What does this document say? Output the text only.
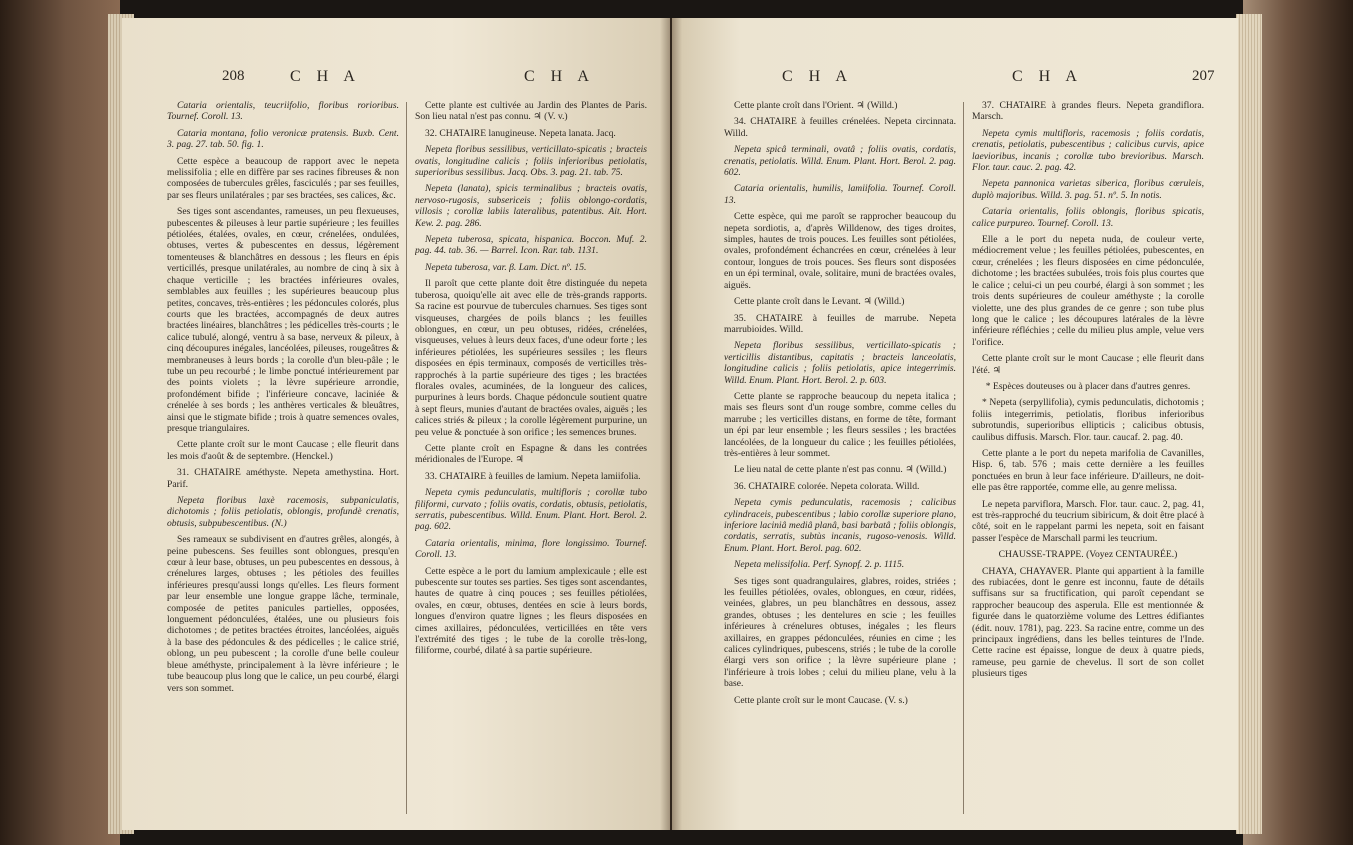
208	C H A	C H A

Cataria orientalis, teucriifolio, floribus rorioribus. Tournef. Coroll. 13.

Cataria montana, folio veronicæ pratensis. Buxb. Cent. 3. pag. 27. tab. 50. fig. 1.

Cette espèce a beaucoup de rapport avec le nepeta melissifolia ; elle en diffère par ses racines fibreuses & non composées de tubercules grêles, fasciculés ; par ses feuilles, par ses fleurs unilatérales ; par ses bractées, ses calices, &c.

Ses tiges sont ascendantes, rameuses, un peu flexueuses, pubescentes & pileuses à leur partie supérieure ; les feuilles pétiolées, étalées, ovales, en cœur, crénelées, ondulées, obtuses, vertes & pubescentes en dessus, légèrement tomenteuses & blanchâtres en dessous ; les fleurs en épis verticillés, presque unilatérales, au nombre de cinq à six à chaque verticille ; les bractées inférieures ovales, semblables aux feuilles ; les supérieures beaucoup plus petites, concaves, très-entières ; les pédoncules colorés, plus courts que les bractées, accompagnés de deux autres bractées linéaires, blanchâtres ; les pédicelles très-courts ; le calice tubulé, alongé, ventru à sa base, nerveux & pileux, à cinq découpures inégales, lancéolées, pileuses, rougeâtres & membraneuses à leurs bords ; la corolle d'un bleu-pâle ; le tube un peu recourbé ; le limbe ponctué intérieurement par des points violets ; la lèvre supérieure arrondie, profondément bifide ; l'inférieure concave, laciniée & crénelée à ses bords ; les anthères verticales & bleuâtres, ainsi que le stigmate bifide ; trois à quatre semences ovales, presque triangulaires.

Cette plante croît sur le mont Caucase ; elle fleurit dans les mois d'août & de septembre. (Henckel.)

31. CHATAIRE améthyste. Nepeta amethystina. Hort. Parif.

Nepeta floribus laxè racemosis, subpaniculatis, dichotomis ; foliis petiolatis, oblongis, profundè crenatis, obtusis, subpubescentibus. (N.)

Ses rameaux se subdivisent en d'autres grêles, alongés, à peine pubescens. Ses feuilles sont oblongues, presqu'en cœur à leur base, obtuses, un peu pubescentes en dessous, à crénelures larges, obtuses ; les pétioles des feuilles inférieures presqu'aussi longs qu'elles. Les fleurs forment par leur ensemble une longue grappe lâche, terminale, composée de petites panicules partielles, opposées, longuement pédonculées, étalées, une ou plusieurs fois dichotomes ; de petites bractées étroites, lancéolées, aiguës à la base des pédoncules & des pédicelles ; le calice strié, oblong, un peu pubescent ; la corolle d'une belle couleur bleue améthyste, principalement à la lèvre inférieure ; le tube beaucoup plus long que le calice, un peu courbé, élargi vers son sommet.

Cette plante est cultivée au Jardin des Plantes de Paris. Son lieu natal n'est pas connu. ♃ (V. v.)

32. CHATAIRE lanugineuse. Nepeta lanata. Jacq.

Nepeta floribus sessilibus, verticillato-spicatis ; bracteis ovatis, longitudine calicis ; foliis inferioribus petiolatis, superioribus sessilibus. Jacq. Obs. 3. pag. 21. tab. 75.

Nepeta (lanata), spicis terminalibus ; bracteis ovatis, nervoso-rugosis, subsericeis ; foliis oblongo-cordatis, villosis ; corollæ labiis lateralibus, patentibus. Ait. Hort. Kew. 2. pag. 286.

Nepeta tuberosa, spicata, hispanica. Boccon. Muf. 2. pag. 44. tab. 36. — Barrel. Icon. Rar. tab. 1131.

Nepeta tuberosa, var. β. Lam. Dict. nº. 15.

Il paroît que cette plante doit être distinguée du nepeta tuberosa, quoiqu'elle ait avec elle de très-grands rapports. Sa racine est pourvue de tubercules charnues. Ses tiges sont visqueuses, chargées de poils blancs ; les feuilles oblongues, en cœur, un peu obtuses, ridées, crénelées, visqueuses, velues à leurs deux faces, d'une odeur forte ; les inférieures pétiolées, les supérieures sessiles ; les fleurs disposées en épis terminaux, composés de verticilles très-rapprochés à la partie supérieure des tiges ; les bractées florales ovales, acuminées, de la longueur des calices, purpurines à leurs bords. Chaque pédoncule soutient quatre à sept fleurs, munies d'autant de bractées ovales, aiguës ; les calices striés & pileux ; la corolle légèrement purpurine, un peu velue & ponctuée à son orifice ; les semences brunes.

Cette plante croît en Espagne & dans les contrées méridionales de l'Europe. ♃

33. CHATAIRE à feuilles de lamium. Nepeta lamiifolia.

Nepeta cymis pedunculatis, multifloris ; corollæ tubo filiformi, curvato ; foliis ovatis, cordatis, obtusis, petiolatis, serratis, pubescentibus. Willd. Enum. Plant. Hort. Berol. 2. pag. 602.

Cataria orientalis, minima, flore longissimo. Tournef. Coroll. 13.

Cette espèce a le port du lamium amplexicaule ; elle est pubescente sur toutes ses parties. Ses tiges sont ascendantes, hautes de quatre à cinq pouces ; ses feuilles pétiolées, ovales, en cœur, obtuses, dentées en scie à leurs bords, longues d'environ quatre lignes ; les fleurs disposées en cimes axillaires, pédonculées, verticillées en tête vers l'extrémité des tiges ; le tube de la corolle très-long, filiforme, courbé, dilaté à sa partie supérieure.

C H A	C H A	207

Cette plante croît dans l'Orient. ♃ (Willd.)

34. CHATAIRE à feuilles crénelées. Nepeta circinnata. Willd.

Nepeta spicâ terminali, ovatâ ; foliis ovatis, cordatis, crenatis, petiolatis. Willd. Enum. Plant. Hort. Berol. 2. pag. 602.

Cataria orientalis, humilis, lamiifolia. Tournef. Coroll. 13.

Cette espèce, qui me paroît se rapprocher beaucoup du nepeta sordiotis, a, d'après Willdenow, des tiges droites, simples, hautes de trois pouces. Les feuilles sont pétiolées, ovales, profondément échancrées en cœur, crénelées à leur contour, longues de trois pouces. Ses fleurs sont disposées en un épi terminal, ovale, solitaire, muni de bractées ovales, aiguës.

Cette plante croît dans le Levant. ♃ (Willd.)

35. CHATAIRE à feuilles de marrube. Nepeta marrubioides. Willd.

Nepeta floribus sessilibus, verticillato-spicatis ; verticillis distantibus, capitatis ; bracteis lanceolatis, longitudine calicis ; foliis petiolatis, apice integerrimis. Willd. Enum. Plant. Hort. Berol. 2. p. 603.

Cette plante se rapproche beaucoup du nepeta italica ; mais ses fleurs sont d'un rouge sombre, comme celles du marrube ; les verticilles distans, en forme de tête, formant un épi par leur ensemble ; les fleurs sessiles ; les bractées lancéolées, de la longueur du calice ; les feuilles pétiolées, très-entières à leur sommet.

Le lieu natal de cette plante n'est pas connu. ♃ (Willd.)

36. CHATAIRE colorée. Nepeta colorata. Willd.

Nepeta cymis pedunculatis, racemosis ; calicibus cylindraceis, pubescentibus ; labio corollæ superiore plano, inferiore laciniâ mediâ planâ, basi barbatâ ; foliis oblongis, cordatis, serratis, subtùs incanis, rugoso-venosis. Willd. Enum. Plant. Hort. Berol. pag. 602.

Nepeta melissifolia. Perf. Synopf. 2. p. 1115.

Ses tiges sont quadrangulaires, glabres, roides, striées ; les feuilles pétiolées, ovales, oblongues, en cœur, ridées, veinées, glabres, un peu blanchâtres en dessous, assez grandes, obtuses ; les dentelures en scie ; les feuilles inférieures à crénelures obtuses, inégales ; les fleurs axillaires, en grappes pédonculées, réunies en cime ; les calices cylindriques, pubescens, striés ; le tube de la corolle élargi vers son orifice ; la lèvre supérieure plane ; l'inférieure à trois lobes ; celui du milieu plane, velu à la base.

Cette plante croît sur le mont Caucase. (V. s.)

37. CHATAIRE à grandes fleurs. Nepeta grandiflora. Marsch.

Nepeta cymis multifloris, racemosis ; foliis cordatis, crenatis, petiolatis, pubescentibus ; calicibus curvis, apice laevioribus, incanis ; corollæ tubo brevioribus. Marsch. Flor. taur. cauc. 2. pag. 42.

Nepeta pannonica varietas siberica, floribus cœruleis, duplò majoribus. Willd. 3. pag. 51. nº. 5. In notis.

Cataria orientalis, foliis oblongis, floribus spicatis, calice purpureo. Tournef. Coroll. 13.

Elle a le port du nepeta nuda, de couleur verte, médiocrement velue ; les feuilles pétiolées, pubescentes, en cœur, crénelées ; les fleurs disposées en cime pédonculée, dichotome ; les bractées subulées, trois fois plus courtes que le calice ; celui-ci un peu courbé, élargi à son sommet ; les trois dents supérieures de couleur améthyste ; la corolle violette, une des plus grandes de ce genre ; son tube plus long que le calice ; les découpures latérales de la lèvre inférieure réfléchies ; celle du milieu plus ample, velue vers l'orifice.

Cette plante croît sur le mont Caucase ; elle fleurit dans l'été. ♃

* Espèces douteuses ou à placer dans d'autres genres.

* Nepeta (serpyllifolia), cymis pedunculatis, dichotomis ; foliis integerrimis, petiolatis, floribus inferioribus subrotundis, superioribus ellipticis ; calicibus obtusis, caulibus diffusis. Marsch. Flor. taur. caucaf. 2. pag. 40.

Cette plante a le port du nepeta marifolia de Cavanilles, Hisp. 6, tab. 576 ; mais cette dernière a les feuilles ponctuées en brun à leur face inférieure. D'ailleurs, ne doit-elle pas être rapportée, comme elle, au genre melissa.

Le nepeta parviflora, Marsch. Flor. taur. cauc. 2, pag. 41, est très-rapproché du teucrium sibiricum, & doit être placé à côté, soit en le rappelant parmi les nepeta, soit en faisant passer l'espèce de Marschall parmi les teucrium.

CHAUSSE-TRAPPE. (Voyez CENTAURÉE.)

CHAYA, CHAYAVER. Plante qui appartient à la famille des rubiacées, dont le genre est inconnu, faute de détails suffisans sur sa fructification, qui paroît cependant se rapprocher beaucoup des asperula. Elle est mentionnée & figurée dans le quatorzième volume des Lettres édifiantes (édit. nouv. 1781), pag. 223. Sa racine entre, comme un des principaux ingrédiens, dans les belles teintures de l'Inde. Cette racine est épaisse, longue de deux à quatre pieds, rameuse, peu garnie de chevelus. Il sort de son collet plusieurs tiges
